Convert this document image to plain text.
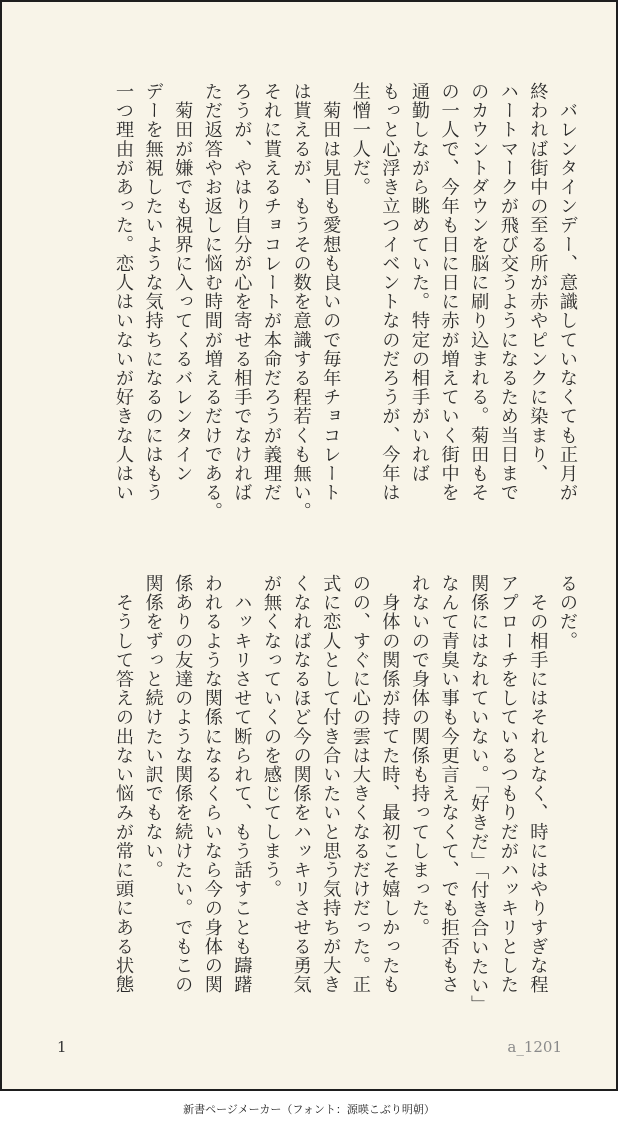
　バレンタインデー、意識していなくても正月が
終われば街中の至る所が赤やピンクに染まり、
ハートマークが飛び交うようになるため当日まで
のカウントダウンを脳に刷り込まれる。菊田もそ
の一人で、今年も日に日に赤が増えていく街中を
通勤しながら眺めていた。特定の相手がいれば
もっと心浮き立つイベントなのだろうが、今年は
生憎一人だ。
　菊田は見目も愛想も良いので毎年チョコレート
は貰えるが、もうその数を意識する程若くも無い。
それに貰えるチョコレートが本命だろうが義理だ
ろうが、やはり自分が心を寄せる相手でなければ
ただ返答やお返しに悩む時間が増えるだけである。
　菊田が嫌でも視界に入ってくるバレンタイン
デーを無視したいような気持ちになるのにはもう
一つ理由があった。恋人はいないが好きな人はい
るのだ。
　その相手にはそれとなく、時にはやりすぎな程
アプローチをしているつもりだがハッキリとした
関係にはなれていない。「好きだ」「付き合いたい」
なんて青臭い事も今更言えなくて、でも拒否もさ
れないので身体の関係も持ってしまった。
　身体の関係が持てた時、最初こそ嬉しかったも
のの、すぐに心の雲は大きくなるだけだった。正
式に恋人として付き合いたいと思う気持ちが大き
くなればなるほど今の関係をハッキリさせる勇気
が無くなっていくのを感じてしまう。
　ハッキリさせて断られて、もう話すことも躊躇
われるような関係になるくらいなら今の身体の関
係ありの友達のような関係を続けたい。でもこの
関係をずっと続けたい訳でもない。
　そうして答えの出ない悩みが常に頭にある状態
1	a_1201
新書ページメーカー（フォント：源暎こぶり明朝）
